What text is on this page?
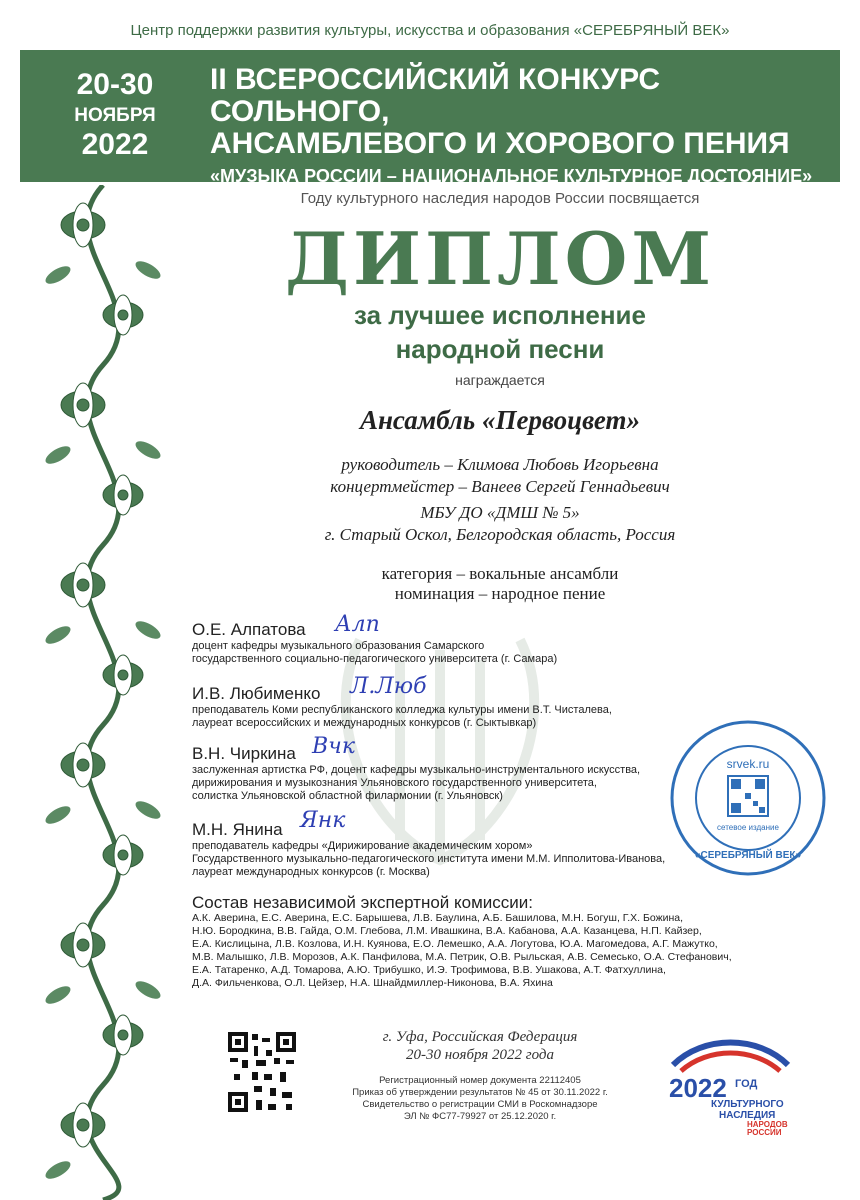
Центр поддержки развития культуры, искусства и образования «СЕРЕБРЯНЫЙ ВЕК»
20-30
НОЯБРЯ
2022
II ВСЕРОССИЙСКИЙ КОНКУРС СОЛЬНОГО,
АНСАМБЛЕВОГО И ХОРОВОГО ПЕНИЯ
«МУЗЫКА РОССИИ – НАЦИОНАЛЬНОЕ КУЛЬТУРНОЕ ДОСТОЯНИЕ»
Году культурного наследия народов России посвящается
ДИПЛОМ
за лучшее исполнение
народной песни
награждается
Ансамбль «Первоцвет»
руководитель – Климова Любовь Игорьевна
концертмейстер – Ванеев Сергей Геннадьевич
МБУ ДО «ДМШ № 5»
г. Старый Оскол, Белгородская область, Россия
категория – вокальные ансамбли
номинация – народное пение
О.Е. Алпатова
доцент кафедры музыкального образования Самарского
государственного социально-педагогического университета (г. Самара)
Алп
И.В. Любименко
преподаватель Коми республиканского колледжа культуры имени В.Т. Чисталева,
лауреат всероссийских и международных конкурсов (г. Сыктывкар)
Л.Люб
В.Н. Чиркина
заслуженная артистка РФ, доцент кафедры музыкально-инструментального искусства,
дирижирования и музыкознания Ульяновского государственного университета,
солистка Ульяновской областной филармонии (г. Ульяновск)
Вчк
М.Н. Янина
преподаватель кафедры «Дирижирование академическим хором»
Государственного музыкально-педагогического института имени М.М. Ипполитова-Иванова,
лауреат международных конкурсов (г. Москва)
Янк
Состав независимой экспертной комиссии:
А.К. Аверина, Е.С. Аверина, Е.С. Барышева, Л.В. Баулина, А.Б. Башилова, М.Н. Богуш, Г.Х. Божина,
Н.Ю. Бородкина, В.В. Гайда, О.М. Глебова, Л.М. Ивашкина, В.А. Кабанова, А.А. Казанцева, Н.П. Кайзер,
Е.А. Кислицына, Л.В. Козлова, И.Н. Куянова, Е.О. Лемешко, А.А. Логутова, Ю.А. Магомедова, А.Г. Мажутко,
М.В. Малышко, Л.В. Морозов, А.К. Панфилова, М.А. Петрик, О.В. Рыльская, А.В. Семесько, О.А. Стефанович,
Е.А. Татаренко, А.Д. Томарова, А.Ю. Трибушко, И.Э. Трофимова, В.В. Ушакова, А.Т. Фатхуллина,
Д.А. Фильченкова, О.Л. Цейзер, Н.А. Шнайдмиллер-Никонова, В.А. Яхина
srvek.ru
сетевое издание
«СЕРЕБРЯНЫЙ ВЕК»
г. Уфа, Российская Федерация
20-30 ноября 2022 года
Регистрационный номер документа 22112405
Приказ об утверждении результатов № 45 от 30.11.2022 г.
Свидетельство о регистрации СМИ в Роскомнадзоре
ЭЛ № ФС77-79927 от 25.12.2020 г.
2022 ГОД
КУЛЬТУРНОГО
НАСЛЕДИЯ
НАРОДОВ
РОССИИ
